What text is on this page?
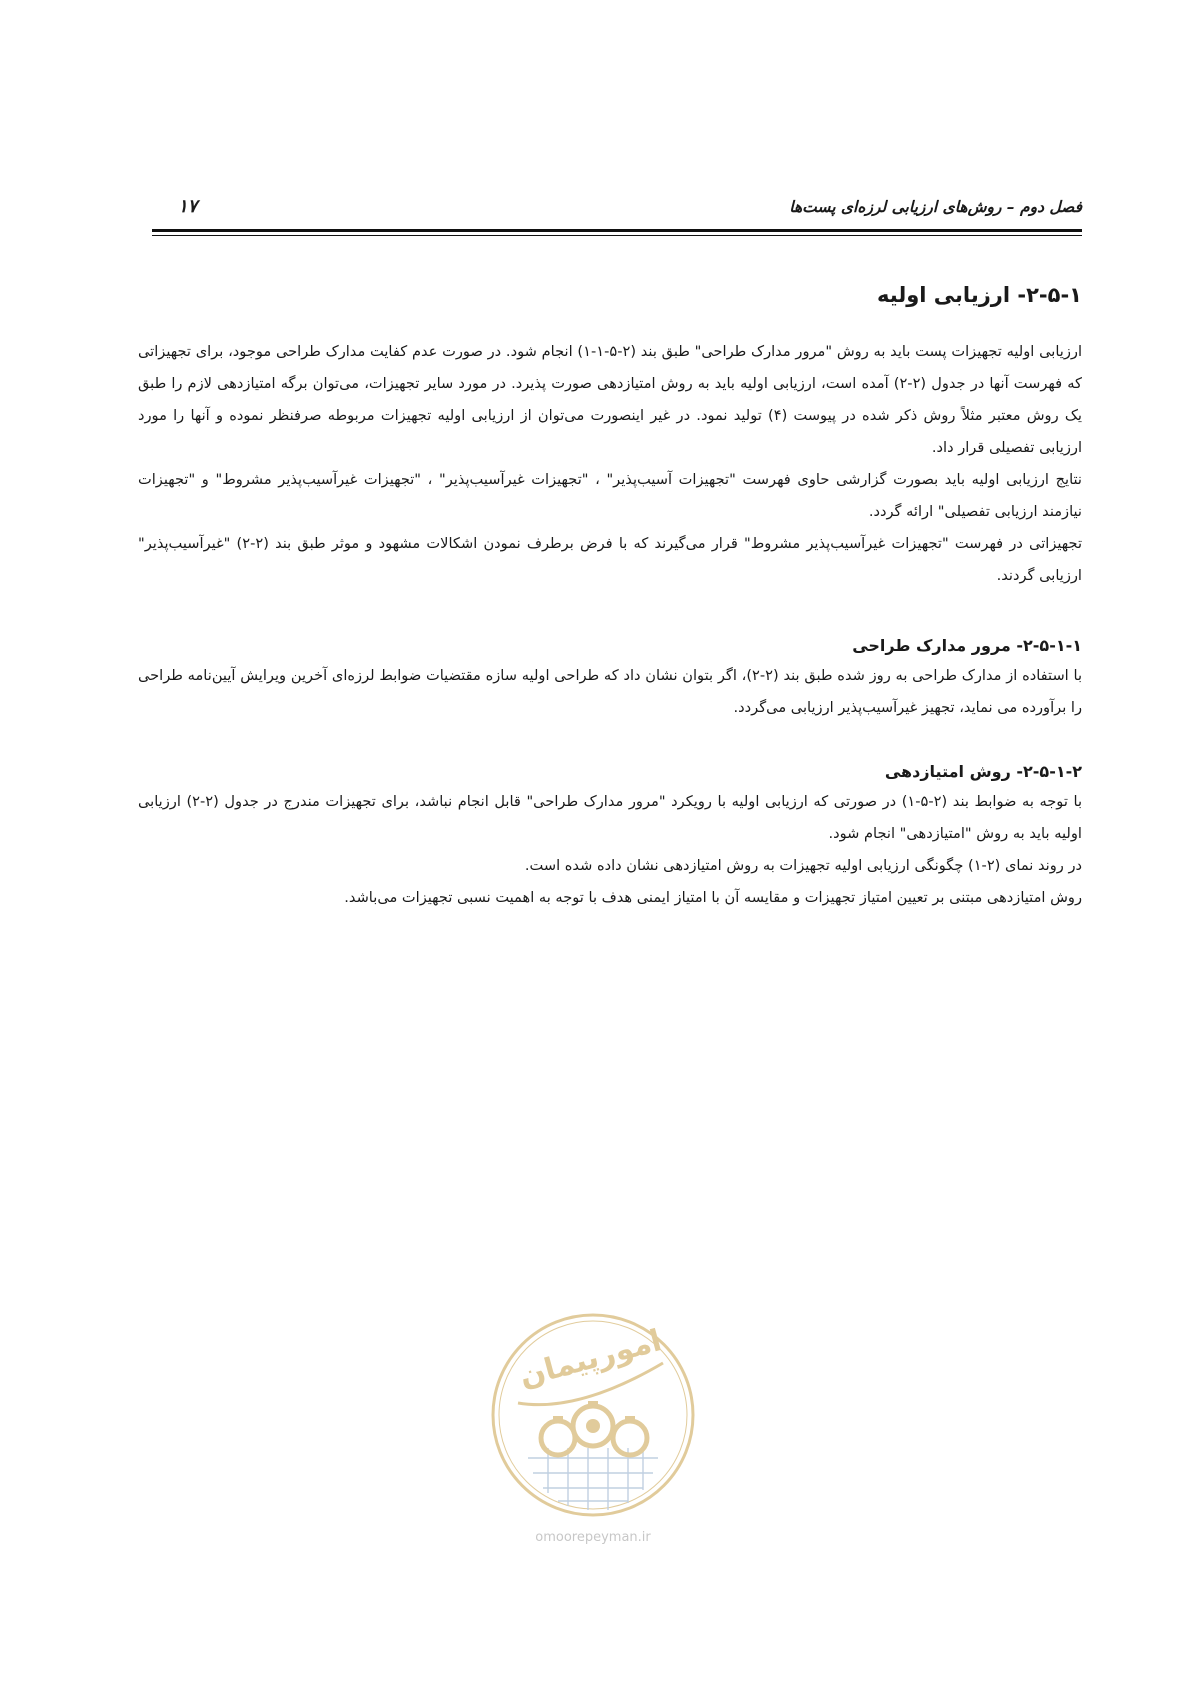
فصل دوم – روش‌های ارزیابی لرزه‌ای پست‌ها
۱۷
۲-۵-۱- ارزیابی اولیه

ارزیابی اولیه تجهیزات پست باید به روش "مرور مدارک طراحی" طبق بند (۲-۵-۱-۱) انجام شود. در صورت عدم کفایت مدارک طراحی موجود، برای تجهیزاتی که فهرست آنها در جدول (۲-۲) آمده است، ارزیابی اولیه باید به روش امتیازدهی صورت پذیرد. در مورد سایر تجهیزات، می‌توان برگه امتیازدهی لازم را طبق یک روش معتبر مثلاً روش ذکر شده در پیوست (۴) تولید نمود. در غیر اینصورت می‌توان از ارزیابی اولیه تجهیزات مربوطه صرفنظر نموده و آنها را مورد ارزیابی تفصیلی قرار داد.

نتایج ارزیابی اولیه باید بصورت گزارشی حاوی فهرست "تجهیزات آسیب‌پذیر" ، "تجهیزات غیرآسیب‌پذیر" ، "تجهیزات غیرآسیب‌پذیر مشروط" و "تجهیزات نیازمند ارزیابی تفصیلی" ارائه گردد.

تجهیزاتی در فهرست "تجهیزات غیرآسیب‌پذیر مشروط" قرار می‌گیرند که با فرض برطرف نمودن اشکالات مشهود و موثر طبق بند (۲-۲) "غیرآسیب‌پذیر" ارزیابی گردند.

۲-۵-۱-۱- مرور مدارک طراحی

با استفاده از مدارک طراحی به روز شده طبق بند (۲-۲)، اگر بتوان نشان داد که طراحی اولیه سازه مقتضیات ضوابط لرزه‌ای آخرین ویرایش آیین‌نامه طراحی را برآورده می نماید، تجهیز غیرآسیب‌پذیر ارزیابی می‌گردد.

۲-۵-۱-۲- روش امتیازدهی

با توجه به ضوابط بند (۲-۵-۱) در صورتی که ارزیابی اولیه با رویکرد "مرور مدارک طراحی" قابل انجام نباشد، برای تجهیزات مندرج در جدول (۲-۲) ارزیابی اولیه باید به روش "امتیازدهی" انجام شود.

در روند نمای (۲-۱) چگونگی ارزیابی اولیه تجهیزات به روش امتیازدهی نشان داده شده است.

روش امتیازدهی مبتنی بر تعیین امتیاز تجهیزات و مقایسه آن با امتیاز ایمنی هدف با توجه به اهمیت نسبی تجهیزات می‌باشد.

امورپیمان
omoorepeyman.ir
